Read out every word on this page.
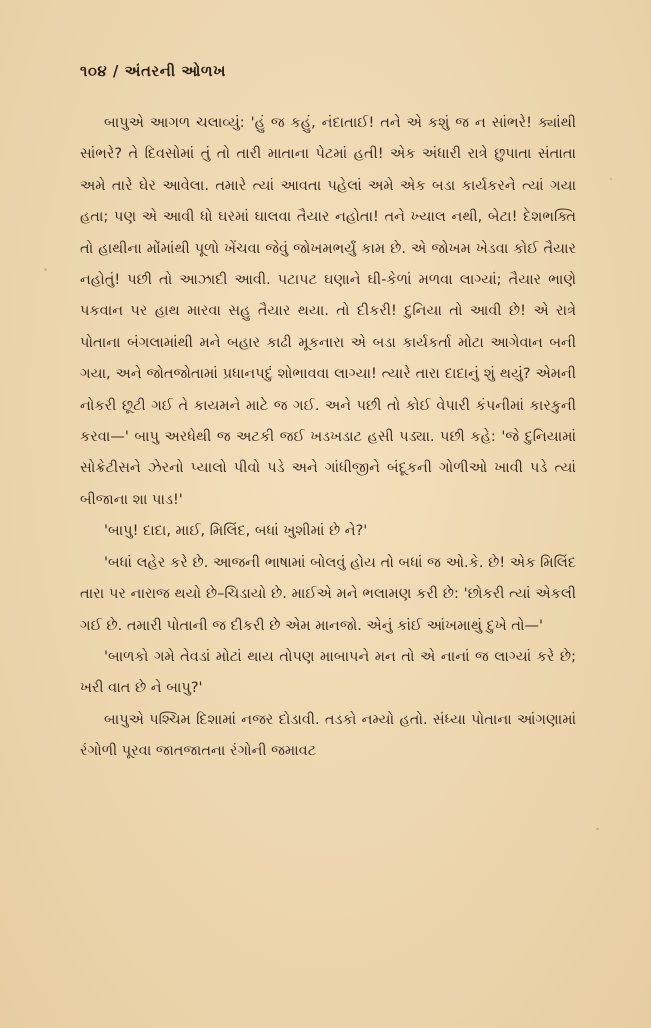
૧૦૪ / અંતરની ઓળખ

બાપુએ આગળ ચલાવ્યું: 'હું જ કહું, નંદાતાઈ! તને એ કશું જ ન સાંભરે! ક્યાંથી સાંભરે? તે દિવસોમાં તું તો તારી માતાના પેટમાં હતી! એક અંધારી રાત્રે છુપાતા સંતાતા અમે તારે ઘેર આવેલા. તમારે ત્યાં આવતા પહેલાં અમે એક બડા કાર્યકરને ત્યાં ગયા હતા; પણ એ આવી ધો ઘરમાં ઘાલવા તૈયાર નહોતા! તને ખ્યાલ નથી, બેટા! દેશભક્તિ તો હાથીના મોંમાંથી પૂળો ખેંચવા જેવું જોખમભર્યું કામ છે. એ જોખમ ખેડવા કોઈ તૈયાર નહોતું! પછી તો આઝાદી આવી. પટાપટ ઘણાને ઘી-કેળાં મળવા લાગ્યાં; તૈયાર ભાણે પકવાન પર હાથ મારવા સહુ તૈયાર થયા. તો દીકરી! દુનિયા તો આવી છે! એ રાત્રે પોતાના બંગલામાંથી મને બહાર કાઢી મૂકનારા એ બડા કાર્યકર્તા મોટા આગેવાન બની ગયા, અને જોતજોતામાં પ્રધાનપદું શોભાવવા લાગ્યા! ત્યારે તારા દાદાનું શું થયું? એમની નોકરી છૂટી ગઈ તે કાયમને માટે જ ગઈ. અને પછી તો કોઈ વેપારી કંપનીમાં કારકુની કરવા—' બાપુ અરધેથી જ અટકી જઈ ખડખડાટ હસી પડ્યા. પછી કહે: 'જે દુનિયામાં સોક્રેટીસને ઝેરનો પ્યાલો પીવો પડે અને ગાંધીજીને બંદૂકની ગોળીઓ ખાવી પડે ત્યાં બીજાના શા પાડ!'

'બાપુ! દાદા, માઈ, મિલિંદ, બધાં ખુશીમાં છે ને?'

'બધાં લહેર કરે છે. આજની ભાષામાં બોલવું હોય તો બધાં જ ઓ.કે. છે! એક મિલિંદ તારા પર નારાજ થયો છે–ચિડાયો છે. માઈએ મને ભલામણ કરી છે: 'છોકરી ત્યાં એકલી ગઈ છે. તમારી પોતાની જ દીકરી છે એમ માનજો. એનું કાંઈ આંખમાથું દુખે તો—'

'બાળકો ગમે તેવડાં મોટાં થાય તોપણ માબાપને મન તો એ નાનાં જ લાગ્યાં કરે છે; ખરી વાત છે ને બાપુ?'

બાપુએ પશ્ચિમ દિશામાં નજર દોડાવી. તડકો નમ્યો હતો. સંધ્યા પોતાના આંગણામાં રંગોળી પૂરવા જાતજાતના રંગોની જમાવટ
